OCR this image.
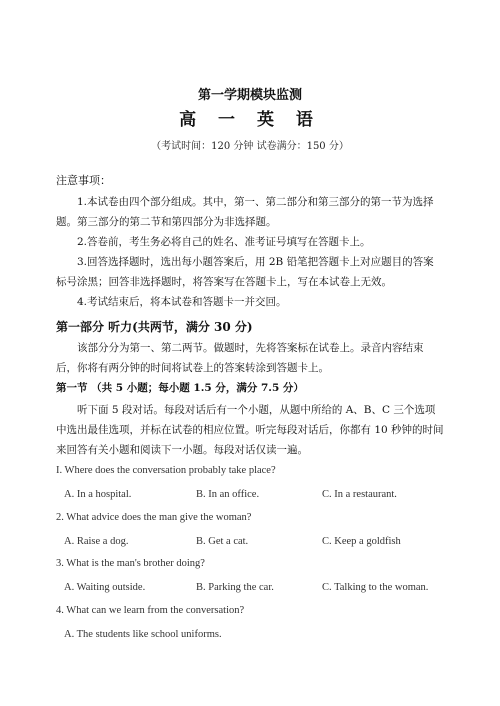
第一学期模块监测
高 一 英 语
（考试时间：120 分钟 试卷满分：150 分）
注意事项：
1.本试卷由四个部分组成。其中，第一、第二部分和第三部分的第一节为选择题。第三部分的第二节和第四部分为非选择题。
2.答卷前，考生务必将自己的姓名、准考证号填写在答题卡上。
3.回答选择题时，选出每小题答案后，用 2B 铅笔把答题卡上对应题目的答案标号涂黑；回答非选择题时，将答案写在答题卡上，写在本试卷上无效。
4.考试结束后，将本试卷和答题卡一并交回。
第一部分 听力(共两节，满分 30 分)
该部分分为第一、第二两节。做题时，先将答案标在试卷上。录音内容结束后，你将有两分钟的时间将试卷上的答案转涂到答题卡上。
第一节 （共 5 小题；每小题 1.5 分，满分 7.5 分）
听下面 5 段对话。每段对话后有一个小题，从题中所给的 A、B、C 三个选项中选出最佳选项，并标在试卷的相应位置。听完每段对话后，你都有 10 秒钟的时间来回答有关小题和阅读下一小题。每段对话仅读一遍。
I. Where does the conversation probably take place?
A. In a hospital.	B. In an office.	C. In a restaurant.
2. What advice does the man give the woman?
A. Raise a dog.	B. Get a cat.	C. Keep a goldfish
3. What is the man's brother doing?
A. Waiting outside.	B. Parking the car.	C. Talking to the woman.
4. What can we learn from the conversation?
A. The students like school uniforms.
